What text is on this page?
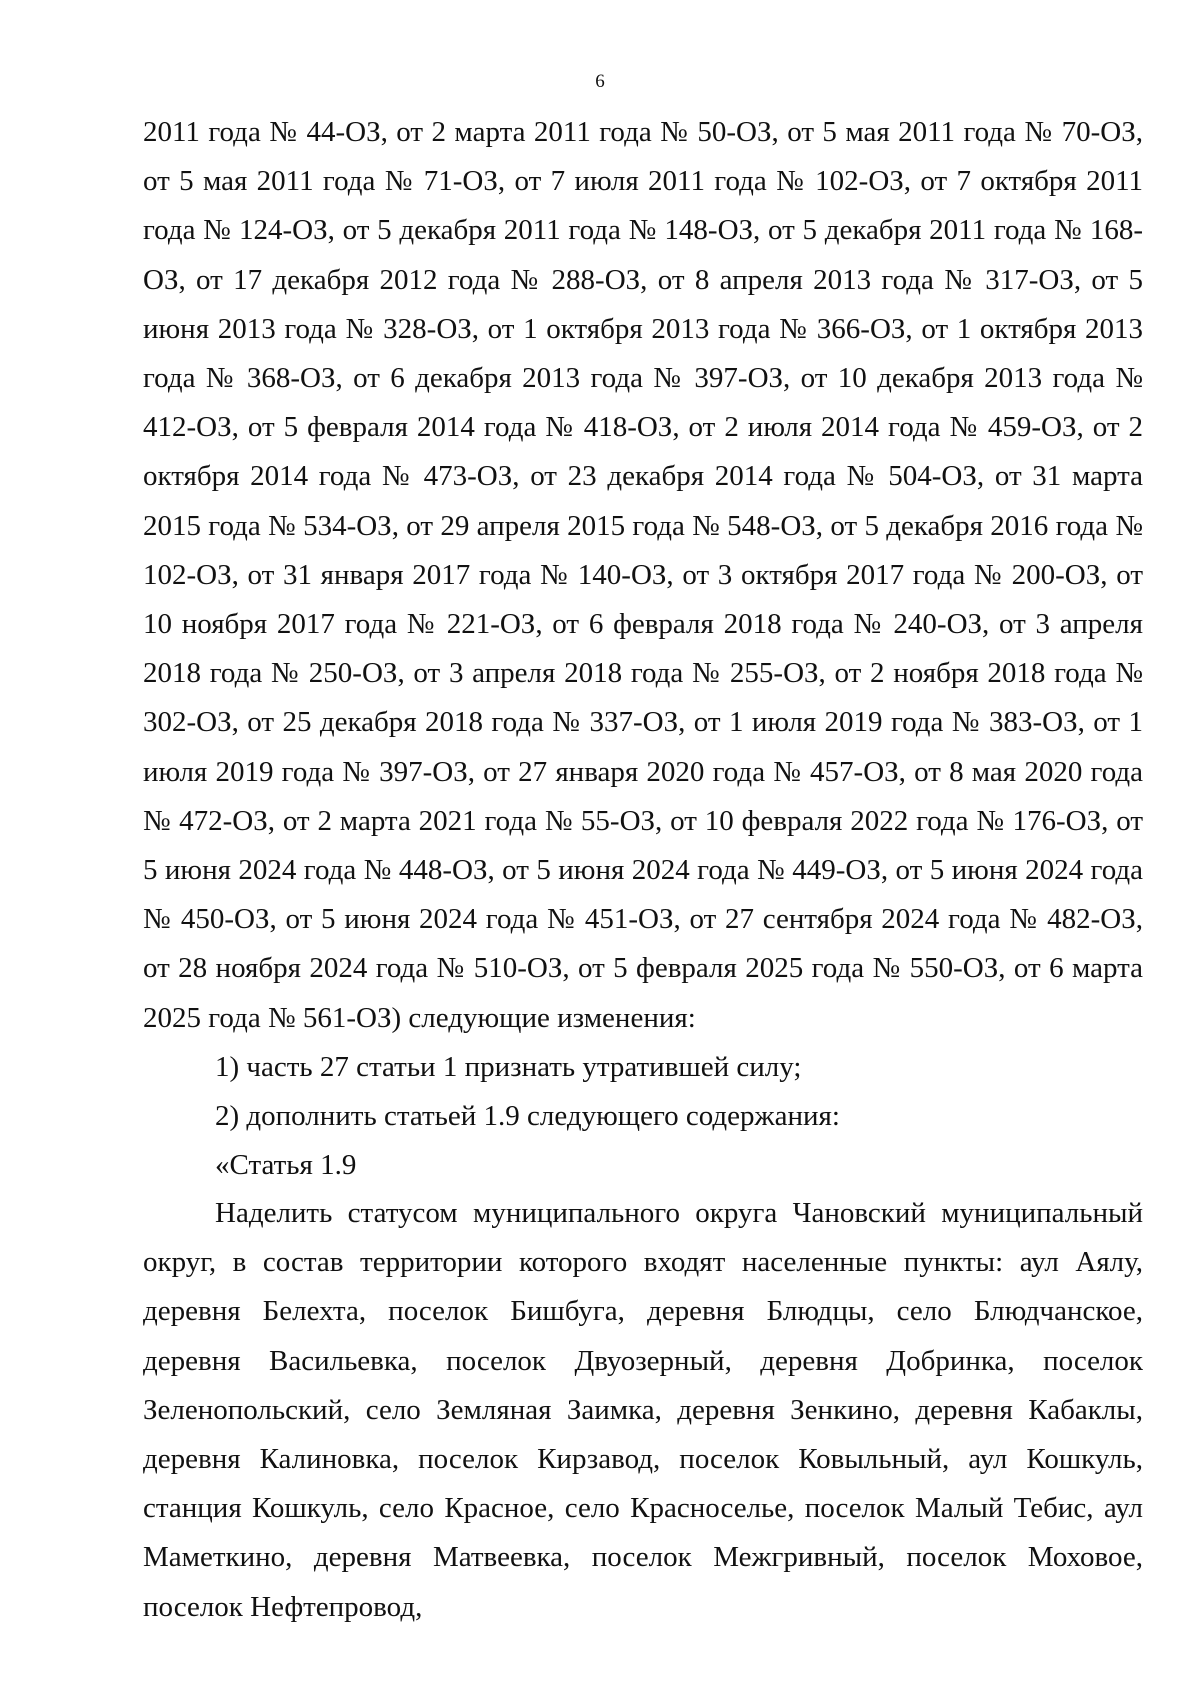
6

2011 года № 44-ОЗ, от 2 марта 2011 года № 50-ОЗ, от 5 мая 2011 года № 70-ОЗ, от 5 мая 2011 года № 71-ОЗ, от 7 июля 2011 года № 102-ОЗ, от 7 октября 2011 года № 124-ОЗ, от 5 декабря 2011 года № 148-ОЗ, от 5 декабря 2011 года № 168-ОЗ, от 17 декабря 2012 года № 288-ОЗ, от 8 апреля 2013 года № 317-ОЗ, от 5 июня 2013 года № 328-ОЗ, от 1 октября 2013 года № 366-ОЗ, от 1 октября 2013 года № 368-ОЗ, от 6 декабря 2013 года № 397-ОЗ, от 10 декабря 2013 года № 412-ОЗ, от 5 февраля 2014 года № 418-ОЗ, от 2 июля 2014 года № 459-ОЗ, от 2 октября 2014 года № 473-ОЗ, от 23 декабря 2014 года № 504-ОЗ, от 31 марта 2015 года № 534-ОЗ, от 29 апреля 2015 года № 548-ОЗ, от 5 декабря 2016 года № 102-ОЗ, от 31 января 2017 года № 140-ОЗ, от 3 октября 2017 года № 200-ОЗ, от 10 ноября 2017 года № 221-ОЗ, от 6 февраля 2018 года № 240-ОЗ, от 3 апреля 2018 года № 250-ОЗ, от 3 апреля 2018 года № 255-ОЗ, от 2 ноября 2018 года № 302-ОЗ, от 25 декабря 2018 года № 337-ОЗ, от 1 июля 2019 года № 383-ОЗ, от 1 июля 2019 года № 397-ОЗ, от 27 января 2020 года № 457-ОЗ, от 8 мая 2020 года № 472-ОЗ, от 2 марта 2021 года № 55-ОЗ, от 10 февраля 2022 года № 176-ОЗ, от 5 июня 2024 года № 448-ОЗ, от 5 июня 2024 года № 449-ОЗ, от 5 июня 2024 года № 450-ОЗ, от 5 июня 2024 года № 451-ОЗ, от 27 сентября 2024 года № 482-ОЗ, от 28 ноября 2024 года № 510-ОЗ, от 5 февраля 2025 года № 550-ОЗ, от 6 марта 2025 года № 561-ОЗ) следующие изменения:

1) часть 27 статьи 1 признать утратившей силу;
2) дополнить статьей 1.9 следующего содержания:
«Статья 1.9

Наделить статусом муниципального округа Чановский муниципальный округ, в состав территории которого входят населенные пункты: аул Аялу, деревня Белехта, поселок Бишбуга, деревня Блюдцы, село Блюдчанское, деревня Васильевка, поселок Двуозерный, деревня Добринка, поселок Зеленопольский, село Земляная Заимка, деревня Зенкино, деревня Кабаклы, деревня Калиновка, поселок Кирзавод, поселок Ковыльный, аул Кошкуль, станция Кошкуль, село Красное, село Красноселье, поселок Малый Тебис, аул Маметкино, деревня Матвеевка, поселок Межгривный, поселок Моховое, поселок Нефтепровод,
